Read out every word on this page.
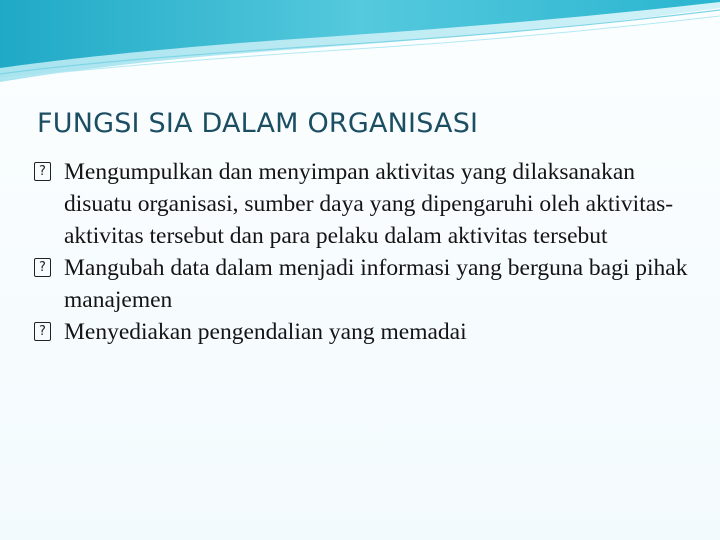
FUNGSI SIA DALAM ORGANISASI
? Mengumpulkan dan menyimpan aktivitas yang dilaksanakan disuatu organisasi, sumber daya yang dipengaruhi oleh aktivitas-aktivitas tersebut dan para pelaku dalam aktivitas tersebut
? Mangubah data dalam menjadi informasi yang berguna bagi pihak manajemen
? Menyediakan pengendalian yang memadai
